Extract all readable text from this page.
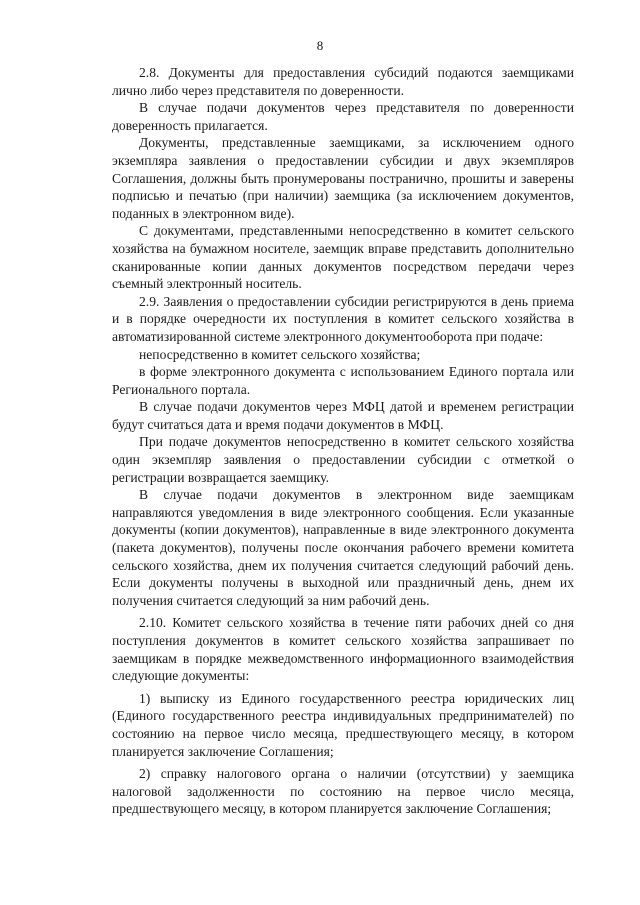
8

2.8. Документы для предоставления субсидий подаются заемщиками лично либо через представителя по доверенности.

В случае подачи документов через представителя по доверенности доверенность прилагается.

Документы, представленные заемщиками, за исключением одного экземпляра заявления о предоставлении субсидии и двух экземпляров Соглашения, должны быть пронумерованы постранично, прошиты и заверены подписью и печатью (при наличии) заемщика (за исключением документов, поданных в электронном виде).

С документами, представленными непосредственно в комитет сельского хозяйства на бумажном носителе, заемщик вправе представить дополнительно сканированные копии данных документов посредством передачи через съемный электронный носитель.

2.9. Заявления о предоставлении субсидии регистрируются в день приема и в порядке очередности их поступления в комитет сельского хозяйства в автоматизированной системе электронного документооборота при подаче:

непосредственно в комитет сельского хозяйства;

в форме электронного документа с использованием Единого портала или Регионального портала.

В случае подачи документов через МФЦ датой и временем регистрации будут считаться дата и время подачи документов в МФЦ.

При подаче документов непосредственно в комитет сельского хозяйства один экземпляр заявления о предоставлении субсидии с отметкой о регистрации возвращается заемщику.

В случае подачи документов в электронном виде заемщикам направляются уведомления в виде электронного сообщения. Если указанные документы (копии документов), направленные в виде электронного документа (пакета документов), получены после окончания рабочего времени комитета сельского хозяйства, днем их получения считается следующий рабочий день. Если документы получены в выходной или праздничный день, днем их получения считается следующий за ним рабочий день.

2.10. Комитет сельского хозяйства в течение пяти рабочих дней со дня поступления документов в комитет сельского хозяйства запрашивает по заемщикам в порядке межведомственного информационного взаимодействия следующие документы:

1) выписку из Единого государственного реестра юридических лиц (Единого государственного реестра индивидуальных предпринимателей) по состоянию на первое число месяца, предшествующего месяцу, в котором планируется заключение Соглашения;

2) справку налогового органа о наличии (отсутствии) у заемщика налоговой задолженности по состоянию на первое число месяца, предшествующего месяцу, в котором планируется заключение Соглашения;
